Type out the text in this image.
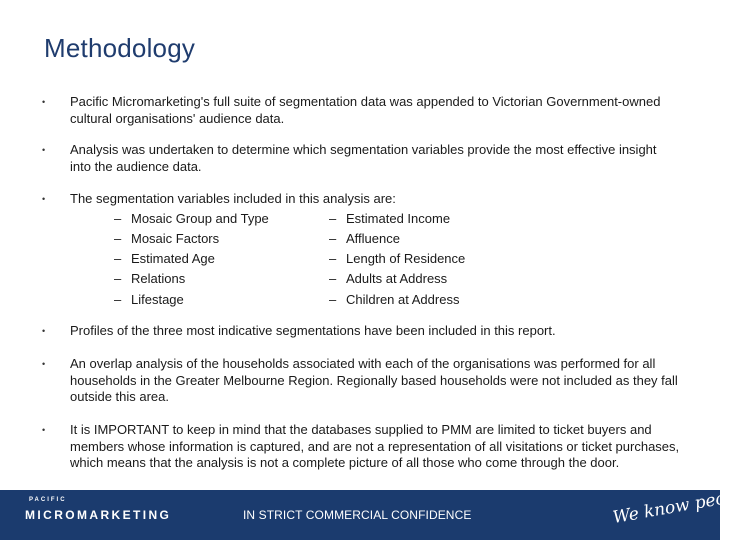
Methodology
• Pacific Micromarketing's full suite of segmentation data was appended to Victorian Government-owned cultural organisations' audience data.
• Analysis was undertaken to determine which segmentation variables provide the most effective insight into the audience data.
• The segmentation variables included in this analysis are:
– Mosaic Group and Type
– Mosaic Factors
– Estimated Age
– Relations
– Lifestage
– Estimated Income
– Affluence
– Length of Residence
– Adults at Address
– Children at Address
• Profiles of the three most indicative segmentations have been included in this report.
• An overlap analysis of the households associated with each of the organisations was performed for all households in the Greater Melbourne Region. Regionally based households were not included as they fall outside this area.
• It is IMPORTANT to keep in mind that the databases supplied to PMM are limited to ticket buyers and members whose information is captured, and are not a representation of all visitations or ticket purchases, which means that the analysis is not a complete picture of all those who come through the door.
PACIFIC
MICROMARKETING	IN STRICT COMMERCIAL CONFIDENCE	We know people
